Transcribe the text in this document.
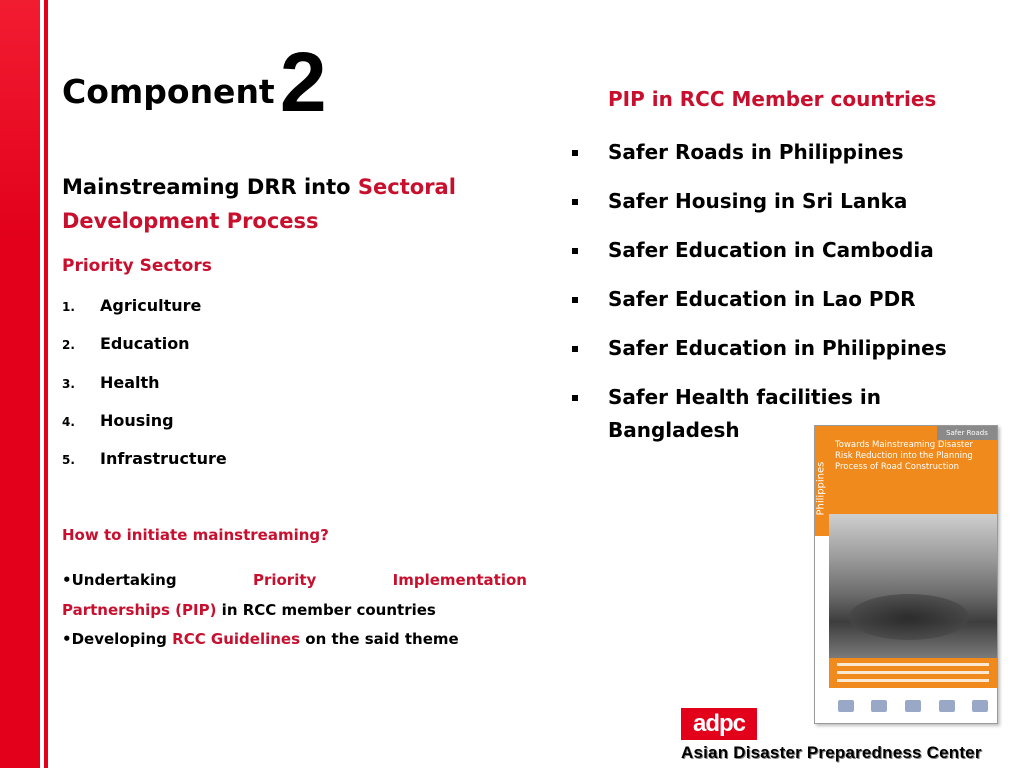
Component 2
Mainstreaming DRR into Sectoral Development Process
Priority Sectors
1. Agriculture
2. Education
3. Health
4. Housing
5. Infrastructure
How to initiate mainstreaming?
•Undertaking	Priority	Implementation
Partnerships (PIP) in RCC member countries
•Developing RCC Guidelines on the said theme
PIP in RCC Member countries
Safer Roads in Philippines
Safer Housing in Sri Lanka
Safer Education in Cambodia
Safer Education in Lao PDR
Safer Education in Philippines
Safer Health facilities in Bangladesh
Philippines
Safer Roads
Towards Mainstreaming Disaster Risk Reduction into the Planning Process of Road Construction
adpc
Asian Disaster Preparedness Center
